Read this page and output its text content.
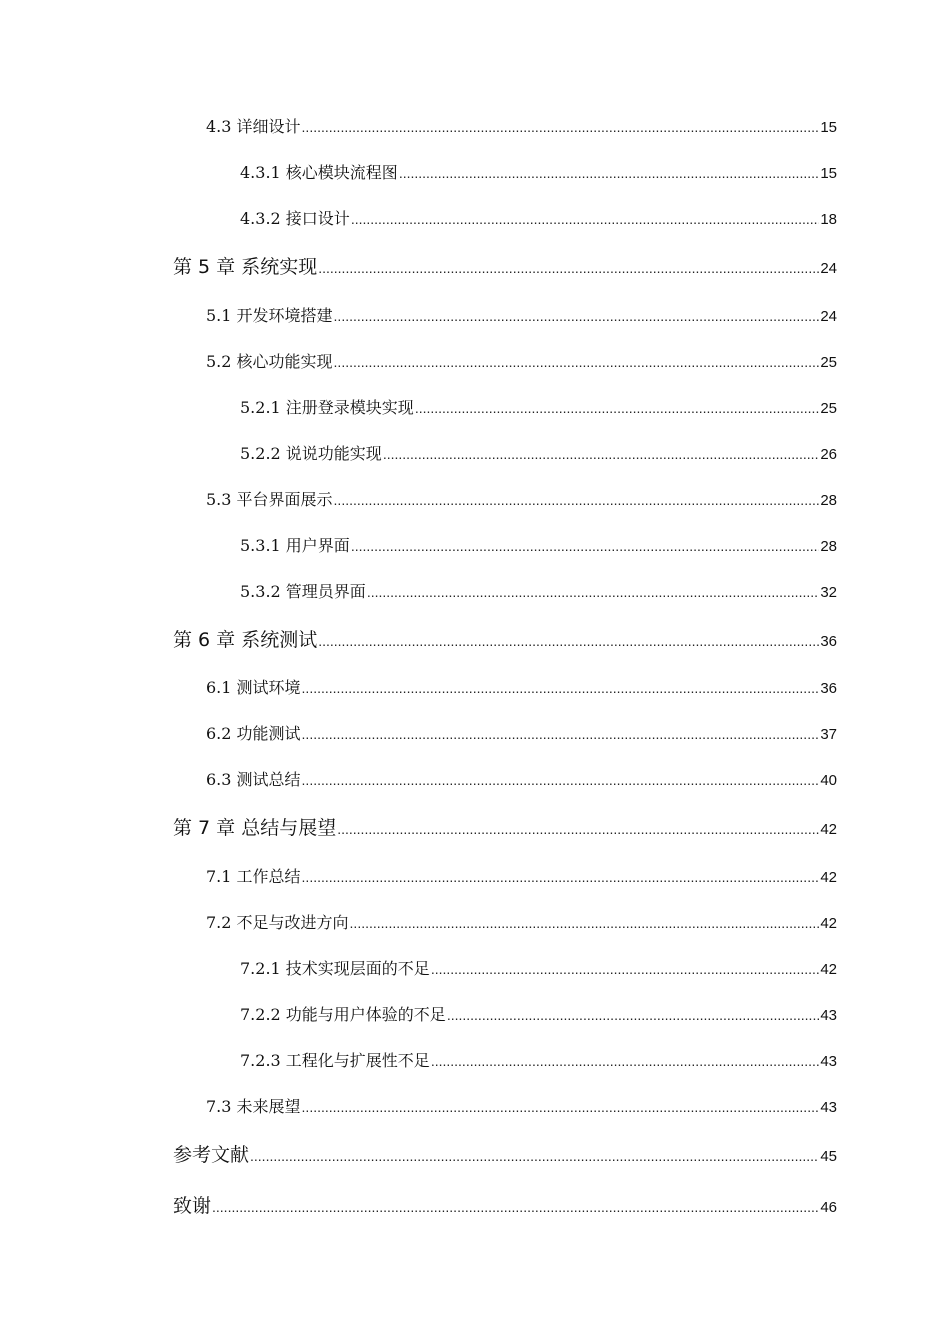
4.3 详细设计 .....	15
4.3.1 核心模块流程图 .....	15
4.3.2 接口设计 .....	18
第 5 章 系统实现 .....	24
5.1 开发环境搭建 .....	24
5.2 核心功能实现 .....	25
5.2.1 注册登录模块实现 .....	25
5.2.2 说说功能实现 .....	26
5.3 平台界面展示 .....	28
5.3.1 用户界面 .....	28
5.3.2 管理员界面 .....	32
第 6 章 系统测试 .....	36
6.1 测试环境 .....	36
6.2 功能测试 .....	37
6.3 测试总结 .....	40
第 7 章 总结与展望 .....	42
7.1 工作总结 .....	42
7.2 不足与改进方向 .....	42
7.2.1 技术实现层面的不足 .....	42
7.2.2 功能与用户体验的不足 .....	43
7.2.3 工程化与扩展性不足 .....	43
7.3 未来展望 .....	43
参考文献 .....	45
致谢 .....	46
